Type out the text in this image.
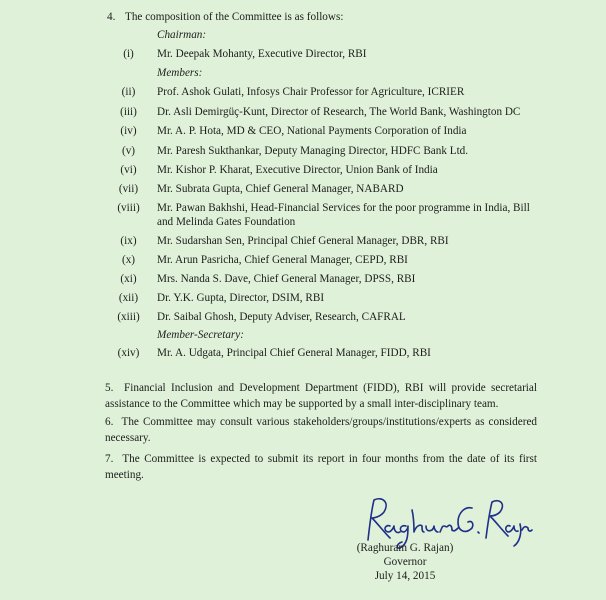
4. The composition of the Committee is as follows:
Chairman:
(i)	Mr. Deepak Mohanty, Executive Director, RBI
Members:
(ii)	Prof. Ashok Gulati, Infosys Chair Professor for Agriculture, ICRIER
(iii)	Dr. Asli Demirgüç-Kunt, Director of Research, The World Bank, Washington DC
(iv)	Mr. A. P. Hota, MD & CEO, National Payments Corporation of India
(v)	Mr. Paresh Sukthankar, Deputy Managing Director, HDFC Bank Ltd.
(vi)	Mr. Kishor P. Kharat, Executive Director, Union Bank of India
(vii)	Mr. Subrata Gupta, Chief General Manager, NABARD
(viii)	Mr. Pawan Bakhshi, Head-Financial Services for the poor programme in India, Bill and Melinda Gates Foundation
(ix)	Mr. Sudarshan Sen, Principal Chief General Manager, DBR, RBI
(x)	Mr. Arun Pasricha, Chief General Manager, CEPD, RBI
(xi)	Mrs. Nanda S. Dave, Chief General Manager, DPSS, RBI
(xii)	Dr. Y.K. Gupta, Director, DSIM, RBI
(xiii)	Dr. Saibal Ghosh, Deputy Adviser, Research, CAFRAL
Member-Secretary:
(xiv)	Mr. A. Udgata, Principal Chief General Manager, FIDD, RBI
5.  Financial Inclusion and Development Department (FIDD), RBI will provide secretarial assistance to the Committee which may be supported by a small inter-disciplinary team.
6.  The Committee may consult various stakeholders/groups/institutions/experts as considered necessary.
7.  The Committee is expected to submit its report in four months from the date of its first meeting.
(Raghuram G. Rajan)
Governor
July 14, 2015
